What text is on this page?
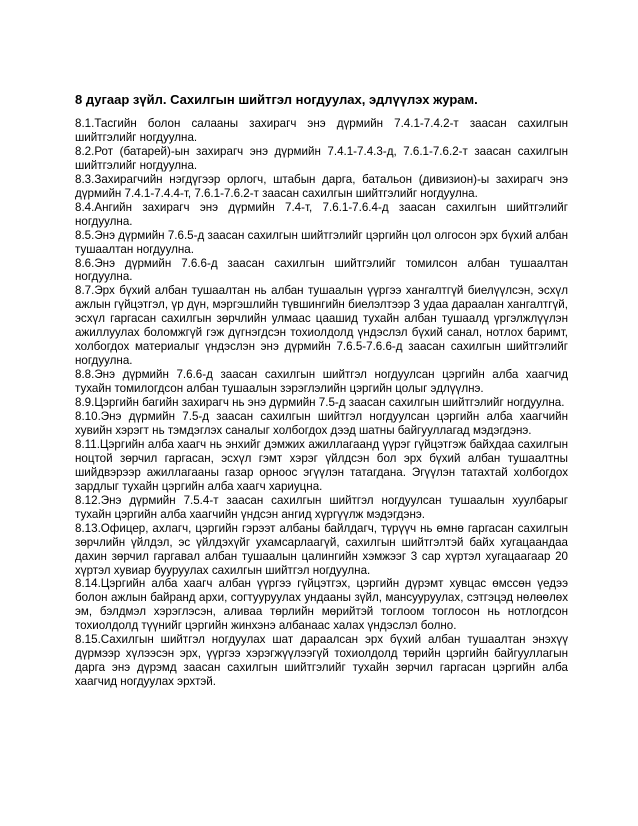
8 дугаар зүйл. Сахилгын шийтгэл ногдуулах, эдлүүлэх журам.

8.1.Тасгийн болон салааны захирагч энэ дүрмийн 7.4.1-7.4.2-т заасан сахилгын шийтгэлийг ногдуулна.

8.2.Рот (батарей)-ын захирагч энэ дүрмийн 7.4.1-7.4.3-д, 7.6.1-7.6.2-т заасан сахилгын шийтгэлийг ногдуулна.

8.3.Захирагчийн нэгдүгээр орлогч, штабын дарга, батальон (дивизион)-ы захирагч энэ дүрмийн 7.4.1-7.4.4-т, 7.6.1-7.6.2-т заасан сахилгын шийтгэлийг ногдуулна.

8.4.Ангийн захирагч энэ дүрмийн 7.4-т, 7.6.1-7.6.4-д заасан сахилгын шийтгэлийг ногдуулна.

8.5.Энэ дүрмийн 7.6.5-д заасан сахилгын шийтгэлийг цэргийн цол олгосон эрх бүхий албан тушаалтан ногдуулна.

8.6.Энэ дүрмийн 7.6.6-д заасан сахилгын шийтгэлийг томилсон албан тушаалтан ногдуулна.

8.7.Эрх бүхий албан тушаалтан нь албан тушаалын үүргээ хангалтгүй биелүүлсэн, эсхүл ажлын гүйцэтгэл, үр дүн, мэргэшлийн түвшингийн биелэлтээр 3 удаа дараалан хангалтгүй, эсхүл гаргасан сахилгын зөрчлийн улмаас цаашид тухайн албан тушаалд үргэлжлүүлэн ажиллуулах боломжгүй гэж дүгнэгдсэн тохиолдолд үндэслэл бүхий санал, нотлох баримт, холбогдох материалыг үндэслэн энэ дүрмийн 7.6.5-7.6.6-д заасан сахилгын шийтгэлийг ногдуулна.

8.8.Энэ дүрмийн 7.6.6-д заасан сахилгын шийтгэл ногдуулсан цэргийн алба хаагчид тухайн томилогдсон албан тушаалын зэрэглэлийн цэргийн цолыг эдлүүлнэ.

8.9.Цэргийн багийн захирагч нь энэ дүрмийн 7.5-д заасан сахилгын шийтгэлийг ногдуулна.

8.10.Энэ дүрмийн 7.5-д заасан сахилгын шийтгэл ногдуулсан цэргийн алба хаагчийн хувийн хэрэгт нь тэмдэглэх саналыг холбогдох дээд шатны байгууллагад мэдэгдэнэ.

8.11.Цэргийн алба хаагч нь энхийг дэмжих ажиллагаанд үүрэг гүйцэтгэж байхдаа сахилгын ноцтой зөрчил гаргасан, эсхүл гэмт хэрэг үйлдсэн бол эрх бүхий албан тушаалтны шийдвэрээр ажиллагааны газар орноос эгүүлэн татагдана. Эгүүлэн татахтай холбогдох зардлыг тухайн цэргийн алба хаагч хариуцна.

8.12.Энэ дүрмийн 7.5.4-т заасан сахилгын шийтгэл ногдуулсан тушаалын хуулбарыг тухайн цэргийн алба хаагчийн үндсэн ангид хүргүүлж мэдэгдэнэ.

8.13.Офицер, ахлагч, цэргийн гэрээт албаны байлдагч, түрүүч нь өмнө гаргасан сахилгын зөрчлийн үйлдэл, эс үйлдэхүйг ухамсарлаагүй, сахилгын шийтгэлтэй байх хугацаандаа дахин зөрчил гаргавал албан тушаалын цалингийн хэмжээг 3 сар хүртэл хугацаагаар 20 хүртэл хувиар бууруулах сахилгын шийтгэл ногдуулна.

8.14.Цэргийн алба хаагч албан үүргээ гүйцэтгэх, цэргийн дүрэмт хувцас өмссөн үедээ болон ажлын байранд архи, согтууруулах ундааны зүйл, мансууруулах, сэтгэцэд нөлөөлөх эм, бэлдмэл хэрэглэсэн, аливаа төрлийн мөрийтэй тоглоом тоглосон нь нотлогдсон тохиолдолд түүнийг цэргийн жинхэнэ албанаас халах үндэслэл болно.

8.15.Сахилгын шийтгэл ногдуулах шат дараалсан эрх бүхий албан тушаалтан энэхүү дүрмээр хүлээсэн эрх, үүргээ хэрэгжүүлээгүй тохиолдолд төрийн цэргийн байгууллагын дарга энэ дүрэмд заасан сахилгын шийтгэлийг тухайн зөрчил гаргасан цэргийн алба хаагчид ногдуулах эрхтэй.
